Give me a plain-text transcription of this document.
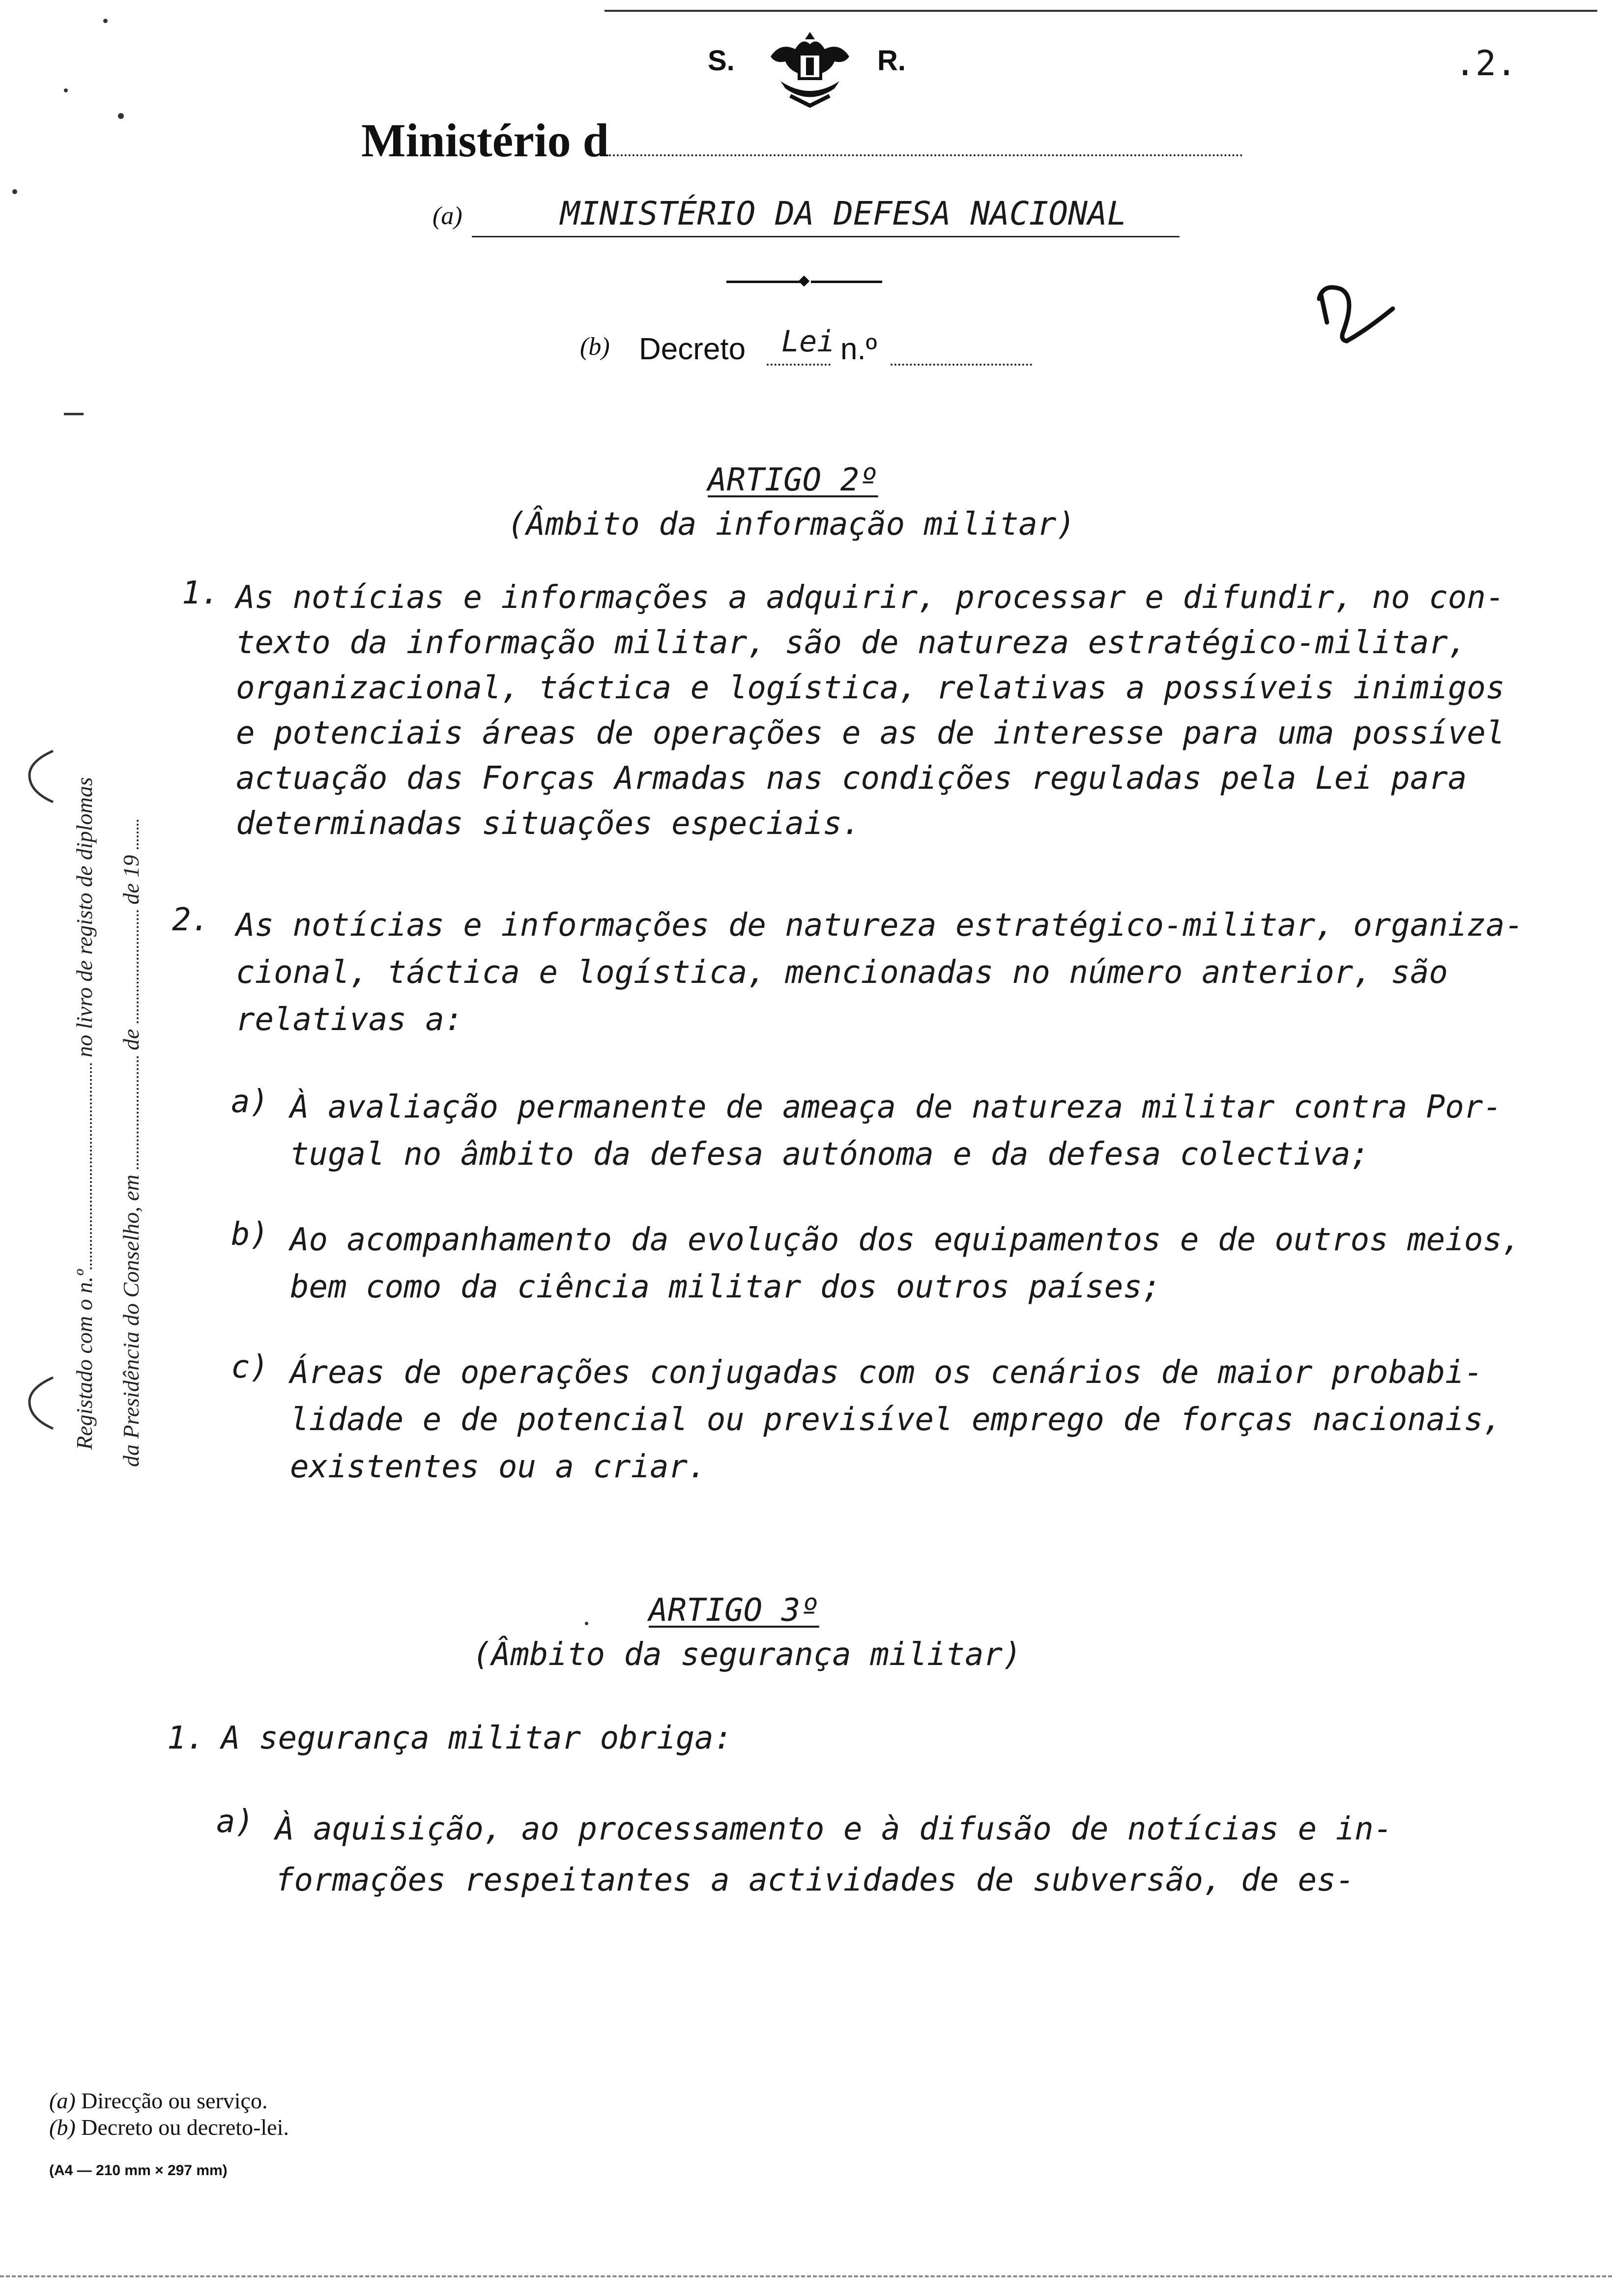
S.	R.	.2.
Ministério d
(a)	MINISTÉRIO DA DEFESA NACIONAL
(b) Decreto Lei n.º
Registado com o n.º no livro de registo de diplomas
da Presidência do Conselho, em  de  de 19
ARTIGO 2º
(Âmbito da informação militar)
1. As notícias e informações a adquirir, processar e difundir, no con-
texto da informação militar, são de natureza estratégico-militar,
organizacional, táctica e logística, relativas a possíveis inimigos
e potenciais áreas de operações e as de interesse para uma possível
actuação das Forças Armadas nas condições reguladas pela Lei para
determinadas situações especiais.
2. As notícias e informações de natureza estratégico-militar, organiza-
cional, táctica e logística, mencionadas no número anterior, são
relativas a:
a) À avaliação permanente de ameaça de natureza militar contra Por-
tugal no âmbito da defesa autónoma e da defesa colectiva;
b) Ao acompanhamento da evolução dos equipamentos e de outros meios,
bem como da ciência militar dos outros países;
c) Áreas de operações conjugadas com os cenários de maior probabi-
lidade e de potencial ou previsível emprego de forças nacionais,
existentes ou a criar.
ARTIGO 3º
(Âmbito da segurança militar)
1. A segurança militar obriga:
a) À aquisição, ao processamento e à difusão de notícias e in-
formações respeitantes a actividades de subversão, de es-
(a) Direcção ou serviço.
(b) Decreto ou decreto-lei.
(A4 — 210 mm × 297 mm)
